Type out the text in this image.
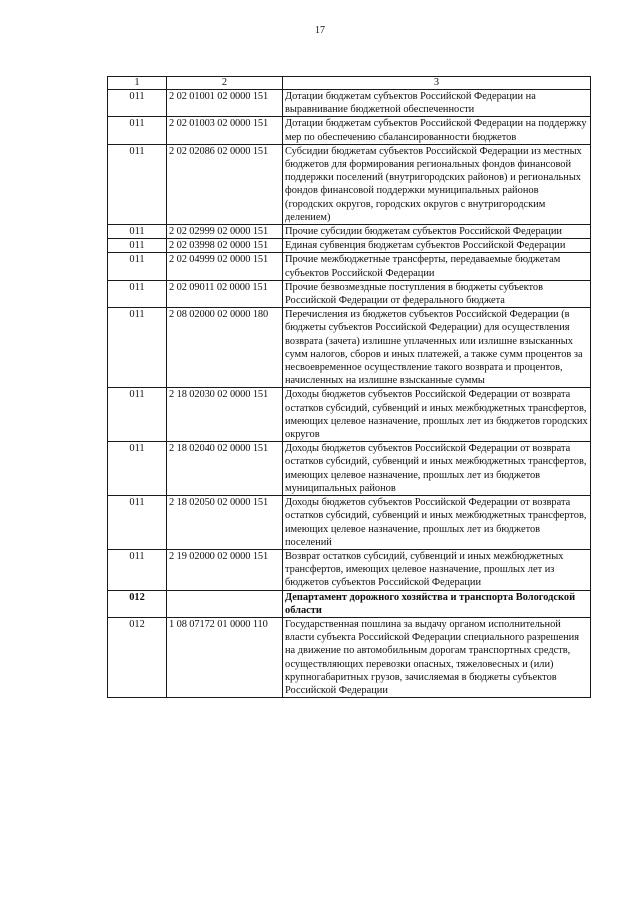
17
1	2	3
011	2 02 01001 02 0000 151	Дотации бюджетам субъектов Российской Федерации на выравнивание бюджетной обеспеченности
011	2 02 01003 02 0000 151	Дотации бюджетам субъектов Российской Федерации на поддержку мер по обеспечению сбалансированности бюджетов
011	2 02 02086 02 0000 151	Субсидии бюджетам субъектов Российской Федерации из местных бюджетов для формирования региональных фондов финансовой поддержки поселений (внутригородских районов) и региональных фондов финансовой поддержки муниципальных районов (городских округов, городских округов с внутригородским делением)
011	2 02 02999 02 0000 151	Прочие субсидии бюджетам субъектов Российской Федерации
011	2 02 03998 02 0000 151	Единая субвенция бюджетам субъектов Российской Федерации
011	2 02 04999 02 0000 151	Прочие межбюджетные трансферты, передаваемые бюджетам субъектов Российской Федерации
011	2 02 09011 02 0000 151	Прочие безвозмездные поступления в бюджеты субъектов Российской Федерации от федерального бюджета
011	2 08 02000 02 0000 180	Перечисления из бюджетов субъектов Российской Федерации (в бюджеты субъектов Российской Федерации) для осуществления возврата (зачета) излишне уплаченных или излишне взысканных сумм налогов, сборов и иных платежей, а также сумм процентов за несвоевременное осуществление такого возврата и процентов, начисленных на излишне взысканные суммы
011	2 18 02030 02 0000 151	Доходы бюджетов субъектов Российской Федерации от возврата остатков субсидий, субвенций и иных межбюджетных трансфертов, имеющих целевое назначение, прошлых лет из бюджетов городских округов
011	2 18 02040 02 0000 151	Доходы бюджетов субъектов Российской Федерации от возврата остатков субсидий, субвенций и иных межбюджетных трансфертов, имеющих целевое назначение, прошлых лет из бюджетов муниципальных районов
011	2 18 02050 02 0000 151	Доходы бюджетов субъектов Российской Федерации от возврата остатков субсидий, субвенций и иных межбюджетных трансфертов, имеющих целевое назначение, прошлых лет из бюджетов поселений
011	2 19 02000 02 0000 151	Возврат остатков субсидий, субвенций и иных межбюджетных трансфертов, имеющих целевое назначение, прошлых лет из бюджетов субъектов Российской Федерации
012		Департамент дорожного хозяйства и транспорта Вологодской области
012	1 08 07172 01 0000 110	Государственная пошлина за выдачу органом исполнительной власти субъекта Российской Федерации специального разрешения на движение по автомобильным дорогам транспортных средств, осуществляющих перевозки опасных, тяжеловесных и (или) крупногабаритных грузов, зачисляемая в бюджеты субъектов Российской Федерации
